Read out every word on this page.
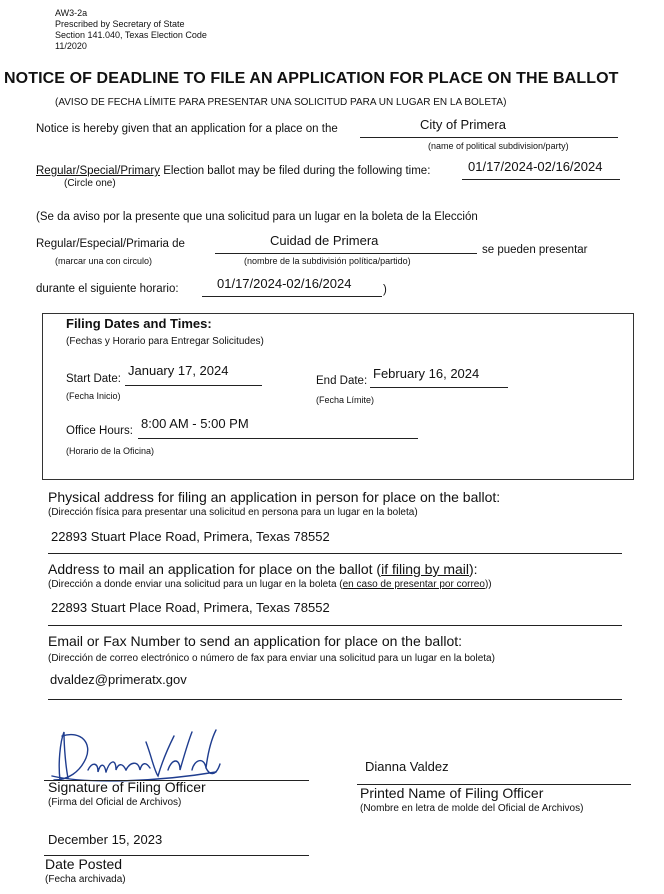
AW3-2a
Prescribed by Secretary of State
Section 141.040, Texas Election Code
11/2020
NOTICE OF DEADLINE TO FILE AN APPLICATION FOR PLACE ON THE BALLOT
(AVISO DE FECHA LÍMITE PARA PRESENTAR UNA SOLICITUD PARA UN LUGAR EN LA BOLETA)
Notice is hereby given that an application for a place on the	City of Primera
(name of political subdivision/party)
Regular/Special/Primary Election ballot may be filed during the following time:	01/17/2024-02/16/2024
(Circle one)
(Se da aviso por la presente que una solicitud para un lugar en la boleta de la Elección
Regular/Especial/Primaria de	Cuidad de Primera
se pueden presentar
(marcar una con circulo)	(nombre de la subdivisión política/partido)
durante el siguiente horario:	01/17/2024-02/16/2024	)
Filing Dates and Times:
(Fechas y Horario para Entregar Solicitudes)
Start Date:
January 17, 2024
(Fecha Inicio)
End Date: February 16, 2024
(Fecha Límite)
Office Hours: 8:00 AM - 5:00 PM
(Horario de la Oficina)
Physical address for filing an application in person for place on the ballot:
(Dirección física para presentar una solicitud en persona para un lugar en la boleta)
22893 Stuart Place Road, Primera, Texas 78552
Address to mail an application for place on the ballot (if filing by mail):
(Dirección a donde enviar una solicitud para un lugar en la boleta (en caso de presentar por correo))
22893 Stuart Place Road, Primera, Texas 78552
Email or Fax Number to send an application for place on the ballot:
(Dirección de correo electrónico o número de fax para enviar una solicitud para un lugar en la boleta)
dvaldez@primeratx.gov
Signature of Filing Officer
(Firma del Oficial de Archivos)
Dianna Valdez
Printed Name of Filing Officer
(Nombre en letra de molde del Oficial de Archivos)
December 15, 2023
Date Posted
(Fecha archivada)
